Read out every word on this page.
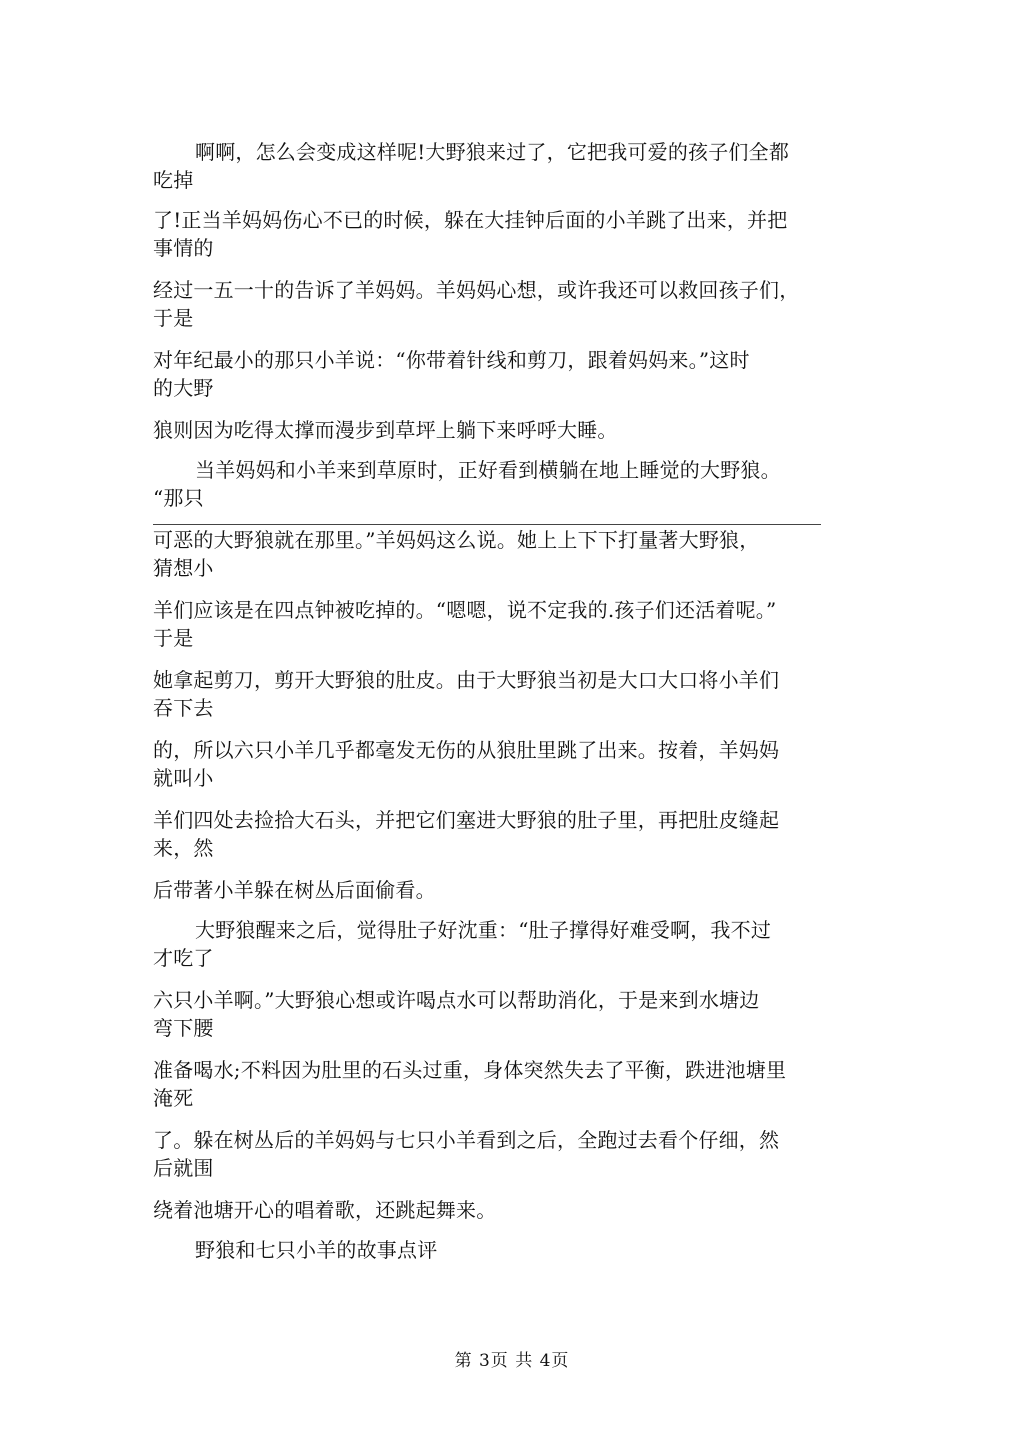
啊啊，怎么会变成这样呢!大野狼来过了，它把我可爱的孩子们全都
吃掉
了!正当羊妈妈伤心不已的时候，躲在大挂钟后面的小羊跳了出来，并把
事情的
经过一五一十的告诉了羊妈妈。羊妈妈心想，或许我还可以救回孩子们，
于是
对年纪最小的那只小羊说：“你带着针线和剪刀，跟着妈妈来。”这时
的大野
狼则因为吃得太撑而漫步到草坪上躺下来呼呼大睡。
当羊妈妈和小羊来到草原时，正好看到横躺在地上睡觉的大野狼。
“那只
可恶的大野狼就在那里。”羊妈妈这么说。她上上下下打量著大野狼，
猜想小
羊们应该是在四点钟被吃掉的。“嗯嗯，说不定我的.孩子们还活着呢。”
于是
她拿起剪刀，剪开大野狼的肚皮。由于大野狼当初是大口大口将小羊们
吞下去
的，所以六只小羊几乎都毫发无伤的从狼肚里跳了出来。按着，羊妈妈
就叫小
羊们四处去捡拾大石头，并把它们塞进大野狼的肚子里，再把肚皮缝起
来，然
后带著小羊躲在树丛后面偷看。
大野狼醒来之后，觉得肚子好沈重：“肚子撑得好难受啊，我不过
才吃了
六只小羊啊。”大野狼心想或许喝点水可以帮助消化，于是来到水塘边
弯下腰
准备喝水;不料因为肚里的石头过重，身体突然失去了平衡，跌进池塘里
淹死
了。躲在树丛后的羊妈妈与七只小羊看到之后，全跑过去看个仔细，然
后就围
绕着池塘开心的唱着歌，还跳起舞来。
野狼和七只小羊的故事点评
第 3页 共 4页
